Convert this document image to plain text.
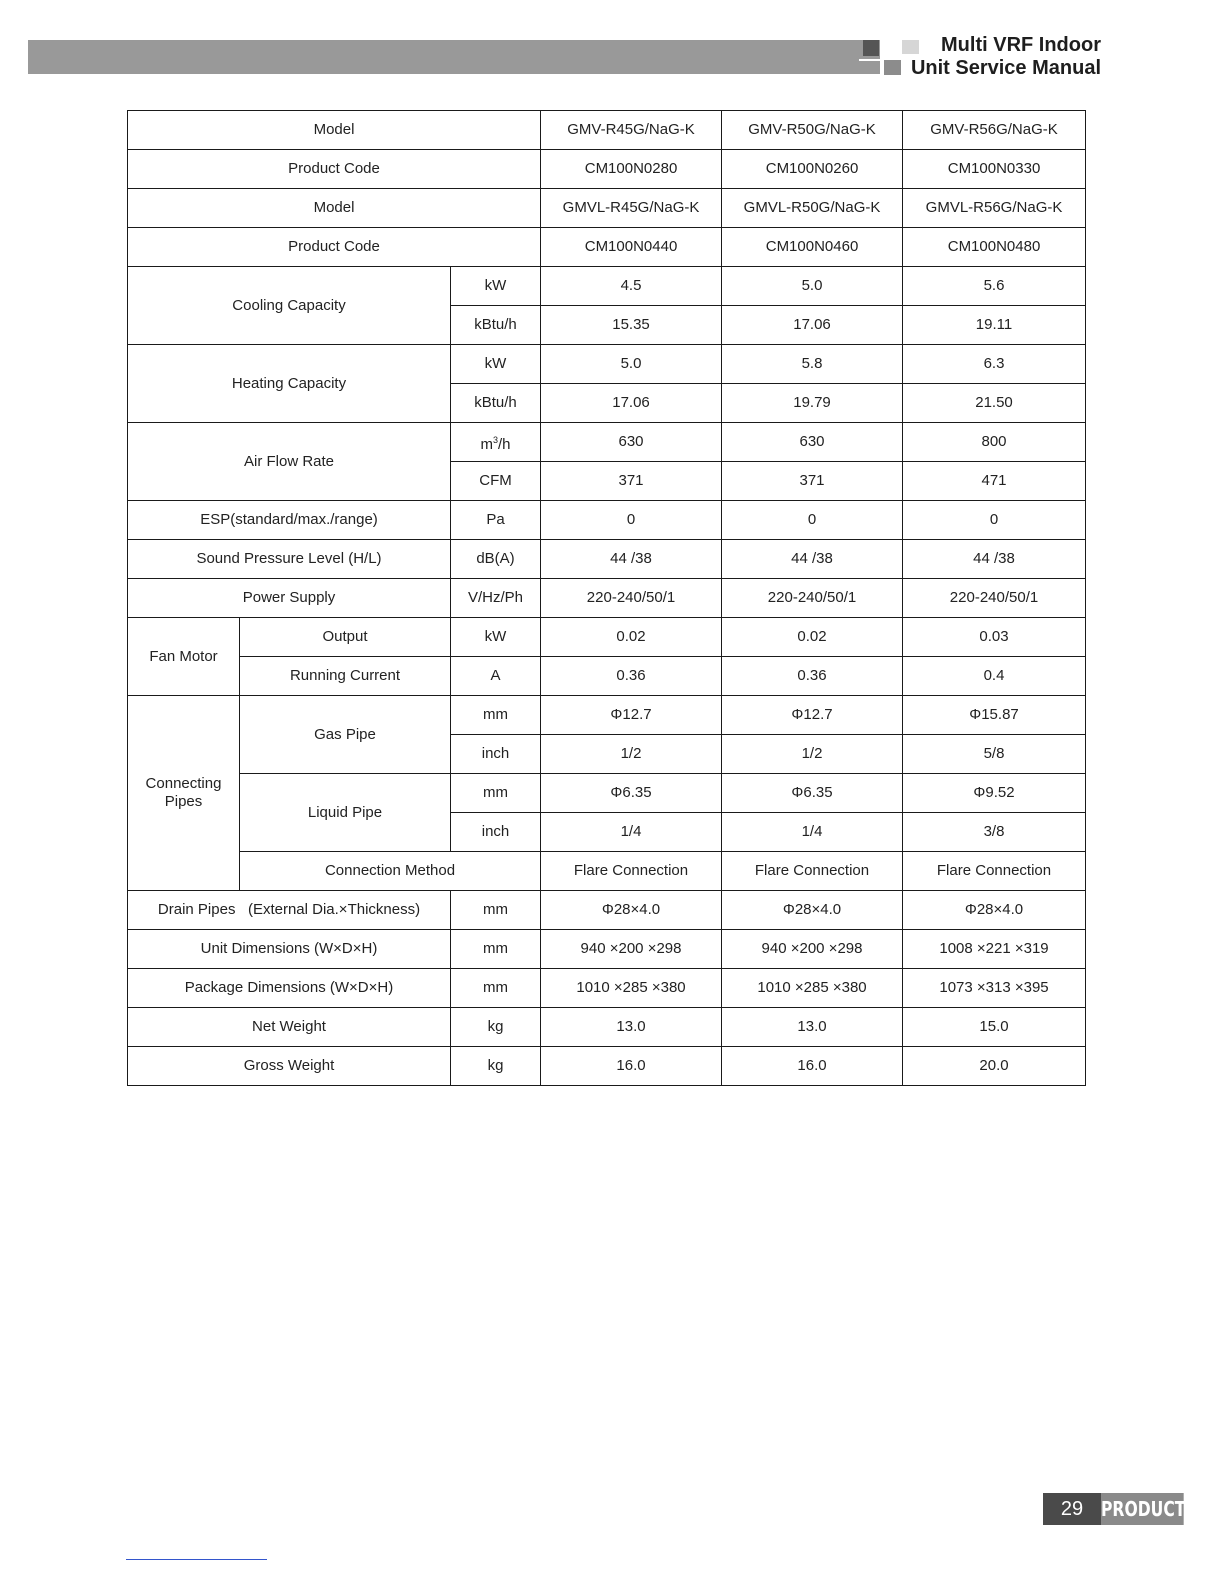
Multi VRF Indoor
Unit Service Manual
Model			GMV-R45G/NaG-K	GMV-R50G/NaG-K	GMV-R56G/NaG-K
Product Code			CM100N0280	CM100N0260	CM100N0330
Model			GMVL-R45G/NaG-K	GMVL-R50G/NaG-K	GMVL-R56G/NaG-K
Product Code			CM100N0440	CM100N0460	CM100N0480
Cooling Capacity		kW	4.5	5.0	5.6
		kBtu/h	15.35	17.06	19.11
Heating Capacity		kW	5.0	5.8	6.3
		kBtu/h	17.06	19.79	21.50
Air Flow Rate		$m^3/h$	630	630	800
		CFM	371	371	471
ESP(standard/max./range)		Pa	0	0	0
Sound Pressure Level (H/L)		dB(A)	44 /38	44 /38	44 /38
Power Supply		V/Hz/Ph	220-240/50/1	220-240/50/1	220-240/50/1
Fan Motor	Output	kW	0.02	0.02	0.03
	Running Current	A	0.36	0.36	0.4
Connecting Pipes	Gas Pipe	mm	Φ12.7	Φ12.7	Φ15.87
		inch	1/2	1/2	5/8
	Liquid Pipe	mm	Φ6.35	Φ6.35	Φ9.52
		inch	1/4	1/4	3/8
	Connection Method		Flare Connection	Flare Connection	Flare Connection
Drain Pipes   (External Dia.×Thickness)		mm	Φ28×4.0	Φ28×4.0	Φ28×4.0
Unit Dimensions (W×D×H)		mm	940 ×200 ×298	940 ×200 ×298	1008 ×221 ×319
Package Dimensions (W×D×H)		mm	1010 ×285 ×380	1010 ×285 ×380	1073 ×313 ×395
Net Weight		kg	13.0	13.0	15.0
Gross Weight		kg	16.0	16.0	20.0
29 PRODUCT
